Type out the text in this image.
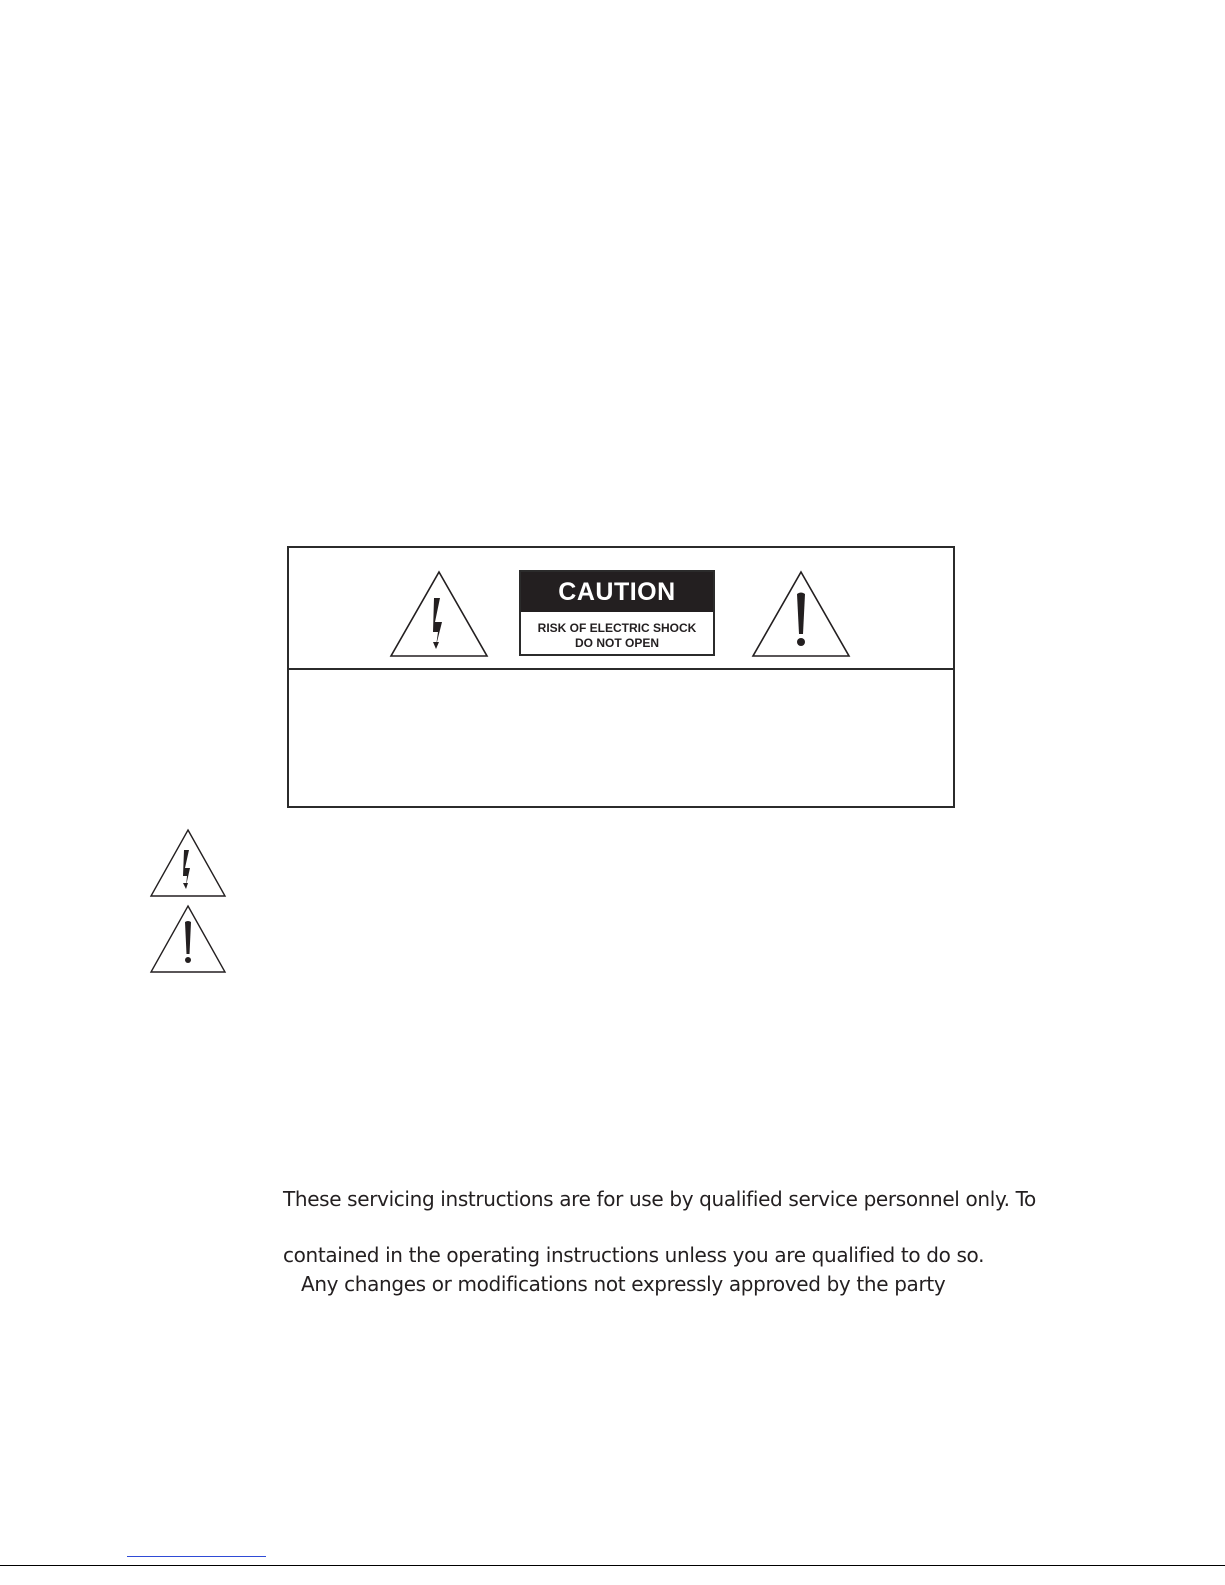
CAUTION
RISK OF ELECTRIC SHOCK
DO NOT OPEN
These servicing instructions are for use by qualified service personnel only. To
contained in the operating instructions unless you are qualified to do so.
Any changes or modifications not expressly approved by the party
